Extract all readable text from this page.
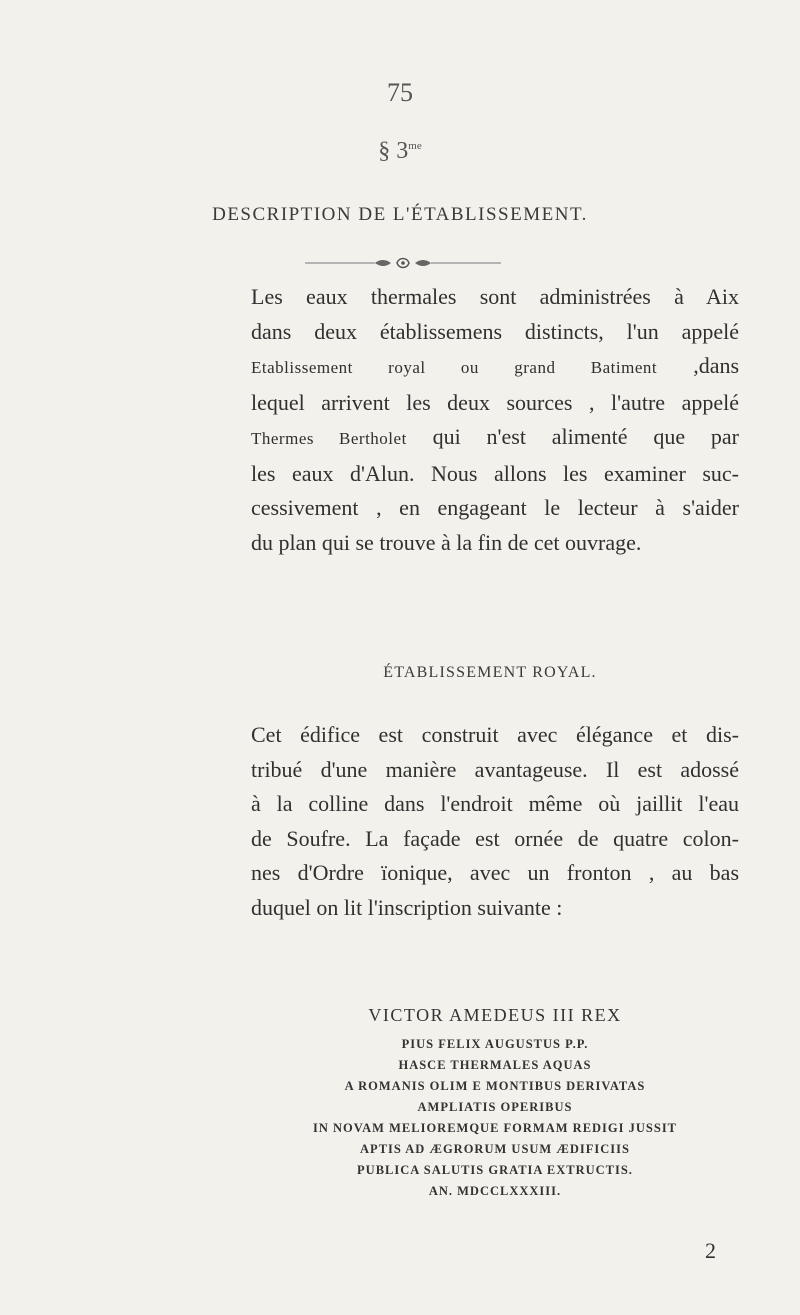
75
§ $3^{me}$
DESCRIPTION DE L'ÉTABLISSEMENT.
Les eaux thermales sont administrées à Aix
dans deux établissemens distincts, l'un appelé
Etablissement royal ou grand Batiment ,dans
lequel arrivent les deux sources , l'autre appelé
Thermes Bertholet qui n'est alimenté que par
les eaux d'Alun. Nous allons les examiner suc-
cessivement , en engageant le lecteur à s'aider
du plan qui se trouve à la fin de cet ouvrage.
ÉTABLISSEMENT ROYAL.
Cet édifice est construit avec élégance et dis-
tribué d'une manière avantageuse. Il est adossé
à la colline dans l'endroit même où jaillit l'eau
de Soufre. La façade est ornée de quatre colon-
nes d'Ordre ïonique, avec un fronton , au bas
duquel on lit l'inscription suivante :
VICTOR AMEDEUS III REX
PIUS FELIX AUGUSTUS P.P.
HASCE THERMALES AQUAS
A ROMANIS OLIM E MONTIBUS DERIVATAS
AMPLIATIS OPERIBUS
IN NOVAM MELIOREMQUE FORMAM REDIGI JUSSIT
APTIS AD ÆGRORUM USUM ÆDIFICIIS
PUBLICA SALUTIS GRATIA EXTRUCTIS.
AN. MDCCLXXXIII.
2
